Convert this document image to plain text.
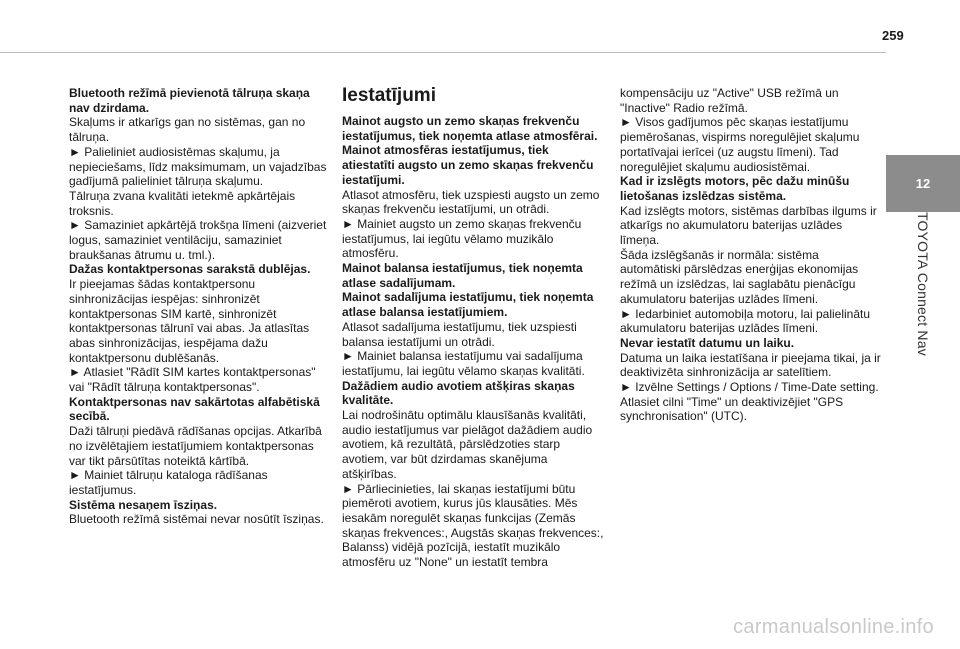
259
12
TOYOTA Connect Nav

Bluetooth režīmā pievienotā tālruņa skaņa nav dzirdama.

Skaļums ir atkarīgs gan no sistēmas, gan no tālruņa.

► Palieliniet audiosistēmas skaļumu, ja nepieciešams, līdz maksimumam, un vajadzības gadījumā palieliniet tālruņa skaļumu.

Tālruņa zvana kvalitāti ietekmē apkārtējais troksnis.

► Samaziniet apkārtējā trokšņa līmeni (aizveriet logus, samaziniet ventilāciju, samaziniet braukšanas ātrumu u. tml.).

Dažas kontaktpersonas sarakstā dublējas.

Ir pieejamas šādas kontaktpersonu sinhronizācijas iespējas: sinhronizēt kontaktpersonas SIM kartē, sinhronizēt kontaktpersonas tālrunī vai abas. Ja atlasītas abas sinhronizācijas, iespējama dažu kontaktpersonu dublēšanās.

► Atlasiet "Rādīt SIM kartes kontaktpersonas" vai "Rādīt tālruņa kontaktpersonas".

Kontaktpersonas nav sakārtotas alfabētiskā secībā.

Daži tālruņi piedāvā rādīšanas opcijas. Atkarībā no izvēlētajiem iestatījumiem kontaktpersonas var tikt pārsūtītas noteiktā kārtībā.

► Mainiet tālruņu kataloga rādīšanas iestatījumus.

Sistēma nesaņem īsziņas.

Bluetooth režīmā sistēmai nevar nosūtīt īsziņas.

Iestatījumi

Mainot augsto un zemo skaņas frekvenču iestatījumus, tiek noņemta atlase atmosfērai.

Mainot atmosfēras iestatījumus, tiek atiestatīti augsto un zemo skaņas frekvenču iestatījumi.

Atlasot atmosfēru, tiek uzspiesti augsto un zemo skaņas frekvenču iestatījumi, un otrādi.

► Mainiet augsto un zemo skaņas frekvenču iestatījumus, lai iegūtu vēlamo muzikālo atmosfēru.

Mainot balansa iestatījumus, tiek noņemta atlase sadalījumam.

Mainot sadalījuma iestatījumu, tiek noņemta atlase balansa iestatījumiem.

Atlasot sadalījuma iestatījumu, tiek uzspiesti balansa iestatījumi un otrādi.

► Mainiet balansa iestatījumu vai sadalījuma iestatījumu, lai iegūtu vēlamo skaņas kvalitāti.

Dažādiem audio avotiem atšķiras skaņas kvalitāte.

Lai nodrošinātu optimālu klausīšanās kvalitāti, audio iestatījumus var pielāgot dažādiem audio avotiem, kā rezultātā, pārslēdzoties starp avotiem, var būt dzirdamas skanējuma atšķirības.

► Pārliecinieties, lai skaņas iestatījumi būtu piemēroti avotiem, kurus jūs klausāties. Mēs iesakām noregulēt skaņas funkcijas (Zemās skaņas frekvences:, Augstās skaņas frekvences:, Balanss) vidējā pozīcijā, iestatīt muzikālo atmosfēru uz "None" un iestatīt tembra

kompensāciju uz "Active" USB režīmā un "Inactive" Radio režīmā.

► Visos gadījumos pēc skaņas iestatījumu piemērošanas, vispirms noregulējiet skaļumu portatīvajai ierīcei (uz augstu līmeni). Tad noregulējiet skaļumu audiosistēmai.

Kad ir izslēgts motors, pēc dažu minūšu lietošanas izslēdzas sistēma.

Kad izslēgts motors, sistēmas darbības ilgums ir atkarīgs no akumulatoru baterijas uzlādes līmeņa.

Šāda izslēgšanās ir normāla: sistēma automātiski pārslēdzas enerģijas ekonomijas režīmā un izslēdzas, lai saglabātu pienācīgu akumulatoru baterijas uzlādes līmeni.

► Iedarbiniet automobiļa motoru, lai palielinātu akumulatoru baterijas uzlādes līmeni.

Nevar iestatīt datumu un laiku.

Datuma un laika iestatīšana ir pieejama tikai, ja ir deaktivizēta sinhronizācija ar satelītiem.

► Izvēlne Settings / Options / Time-Date setting. Atlasiet cilni "Time" un deaktivizējiet "GPS synchronisation" (UTC).

carmanualsonline.info
